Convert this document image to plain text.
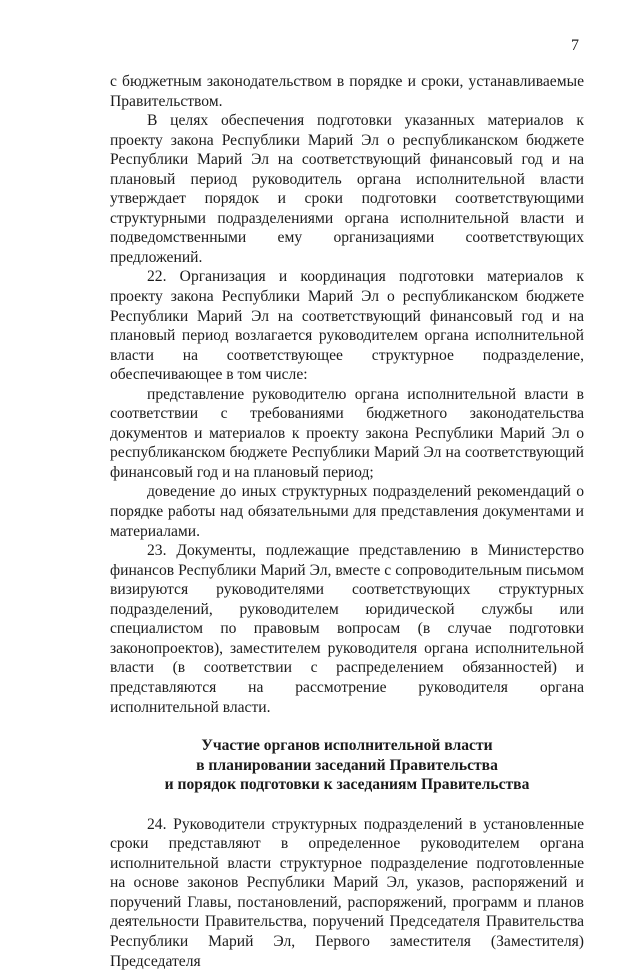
7

с бюджетным законодательством в порядке и сроки, устанавливаемые Правительством.

В целях обеспечения подготовки указанных материалов к проекту закона Республики Марий Эл о республиканском бюджете Республики Марий Эл на соответствующий финансовый год и на плановый период руководитель органа исполнительной власти утверждает порядок и сроки подготовки соответствующими структурными подразделениями органа исполнительной власти и подведомственными ему организациями соответствующих предложений.

22. Организация и координация подготовки материалов к проекту закона Республики Марий Эл о республиканском бюджете Республики Марий Эл на соответствующий финансовый год и на плановый период возлагается руководителем органа исполнительной власти на соответствующее структурное подразделение, обеспечивающее в том числе:

представление руководителю органа исполнительной власти в соответствии с требованиями бюджетного законодательства документов и материалов к проекту закона Республики Марий Эл о республиканском бюджете Республики Марий Эл на соответствующий финансовый год и на плановый период;

доведение до иных структурных подразделений рекомендаций о порядке работы над обязательными для представления документами и материалами.

23. Документы, подлежащие представлению в Министерство финансов Республики Марий Эл, вместе с сопроводительным письмом визируются руководителями соответствующих структурных подразделений, руководителем юридической службы или специалистом по правовым вопросам (в случае подготовки законопроектов), заместителем руководителя органа исполнительной власти (в соответствии с распределением обязанностей) и представляются на рассмотрение руководителя органа исполнительной власти.

Участие органов исполнительной власти
в планировании заседаний Правительства
и порядок подготовки к заседаниям Правительства

24. Руководители структурных подразделений в установленные сроки представляют в определенное руководителем органа исполнительной власти структурное подразделение подготовленные на основе законов Республики Марий Эл, указов, распоряжений и поручений Главы, постановлений, распоряжений, программ и планов деятельности Правительства, поручений Председателя Правительства Республики Марий Эл, Первого заместителя (Заместителя) Председателя
